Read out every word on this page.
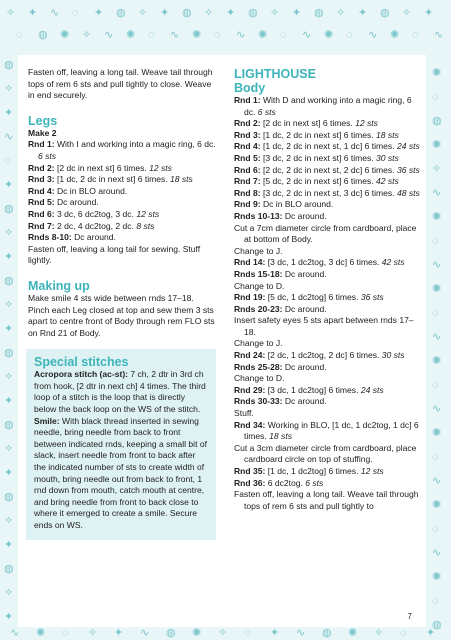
✧
◌
✦
◍
∿
✺
◌
✧
✦
∿
◍
✺
✧
◌
✦
∿
◍
✺
✧
◌
✦
∿
◍
✺
✧
◌
✦
∿
◍
✺
✧
◌
✦
∿
◍
✺
✧
◌
✦
∿
◍
✺
✧
◌
✦
◍
∿
✺
◌
✧
✦
∿
◍
✺
✧
◌
✦
∿
◍
✺
✧
◌
✦
∿
◍
✺
✧
◌
✦
∿
◍
✺
✧
◌
✦
∿
◍
✺
✧
◌
✦
∿
◍
✺
✧
◌
✦
◍
∿ ✺ ◌ ✧ ✦ ∿ ◍ ✺ ✧ ◌ ✦ ∿ ◍ ✺ ✧ ◌ ✦

Fasten off, leaving a long tail. Weave tail through tops of rem 6 sts and pull tightly to close. Weave in end securely.

Legs

Make 2

Rnd 1: With I and working into a magic ring, 6 dc. 6 sts

Rnd 2: [2 dc in next st] 6 times. 12 sts

Rnd 3: [1 dc, 2 dc in next st] 6 times. 18 sts

Rnd 4: Dc in BLO around.

Rnd 5: Dc around.

Rnd 6: 3 dc, 6 dc2tog, 3 dc. 12 sts

Rnd 7: 2 dc, 4 dc2tog, 2 dc. 8 sts

Rnds 8-10: Dc around.

Fasten off, leaving a long tail for sewing. Stuff lightly.

Making up

Make smile 4 sts wide between rnds 17–18. Pinch each Leg closed at top and sew them 3 sts apart to centre front of Body through rem FLO sts on Rnd 21 of Body.

Special stitches

Acropora stitch (ac-st): 7 ch, 2 dtr in 3rd ch from hook, [2 dtr in next ch] 4 times. The third loop of a stitch is the loop that is directly below the back loop on the WS of the stitch.

Smile: With black thread inserted in sewing needle, bring needle from back to front between indicated rnds, keeping a small bit of slack, insert needle from front to back after the indicated number of sts to create width of mouth, bring needle out from back to front, 1 rnd down from mouth, catch mouth at centre, and bring needle from front to back close to where it emerged to create a smile. Secure ends on WS.

LIGHTHOUSE
Body

Rnd 1: With D and working into a magic ring, 6 dc. 6 sts

Rnd 2: [2 dc in next st] 6 times. 12 sts

Rnd 3: [1 dc, 2 dc in next st] 6 times. 18 sts

Rnd 4: [1 dc, 2 dc in next st, 1 dc] 6 times. 24 sts

Rnd 5: [3 dc, 2 dc in next st] 6 times. 30 sts

Rnd 6: [2 dc, 2 dc in next st, 2 dc] 6 times. 36 sts

Rnd 7: [5 dc, 2 dc in next st] 6 times. 42 sts

Rnd 8: [3 dc, 2 dc in next st, 3 dc] 6 times. 48 sts

Rnd 9: Dc in BLO around.

Rnds 10-13: Dc around.

Cut a 7cm diameter circle from cardboard, place at bottom of Body.

Change to J.

Rnd 14: [3 dc, 1 dc2tog, 3 dc] 6 times. 42 sts

Rnds 15-18: Dc around.

Change to D.

Rnd 19: [5 dc, 1 dc2tog] 6 times. 36 sts

Rnds 20-23: Dc around.

Insert safety eyes 5 sts apart between rnds 17–18.

Change to J.

Rnd 24: [2 dc, 1 dc2tog, 2 dc] 6 times. 30 sts

Rnds 25-28: Dc around.

Change to D.

Rnd 29: [3 dc, 1 dc2tog] 6 times. 24 sts

Rnds 30-33: Dc around.

Stuff.

Rnd 34: Working in BLO, [1 dc, 1 dc2tog, 1 dc] 6 times. 18 sts

Cut a 3cm diameter circle from cardboard, place cardboard circle on top of stuffing.

Rnd 35: [1 dc, 1 dc2tog] 6 times. 12 sts

Rnd 36: 6 dc2tog. 6 sts

Fasten off, leaving a long tail. Weave tail through tops of rem 6 sts and pull tightly to

7
